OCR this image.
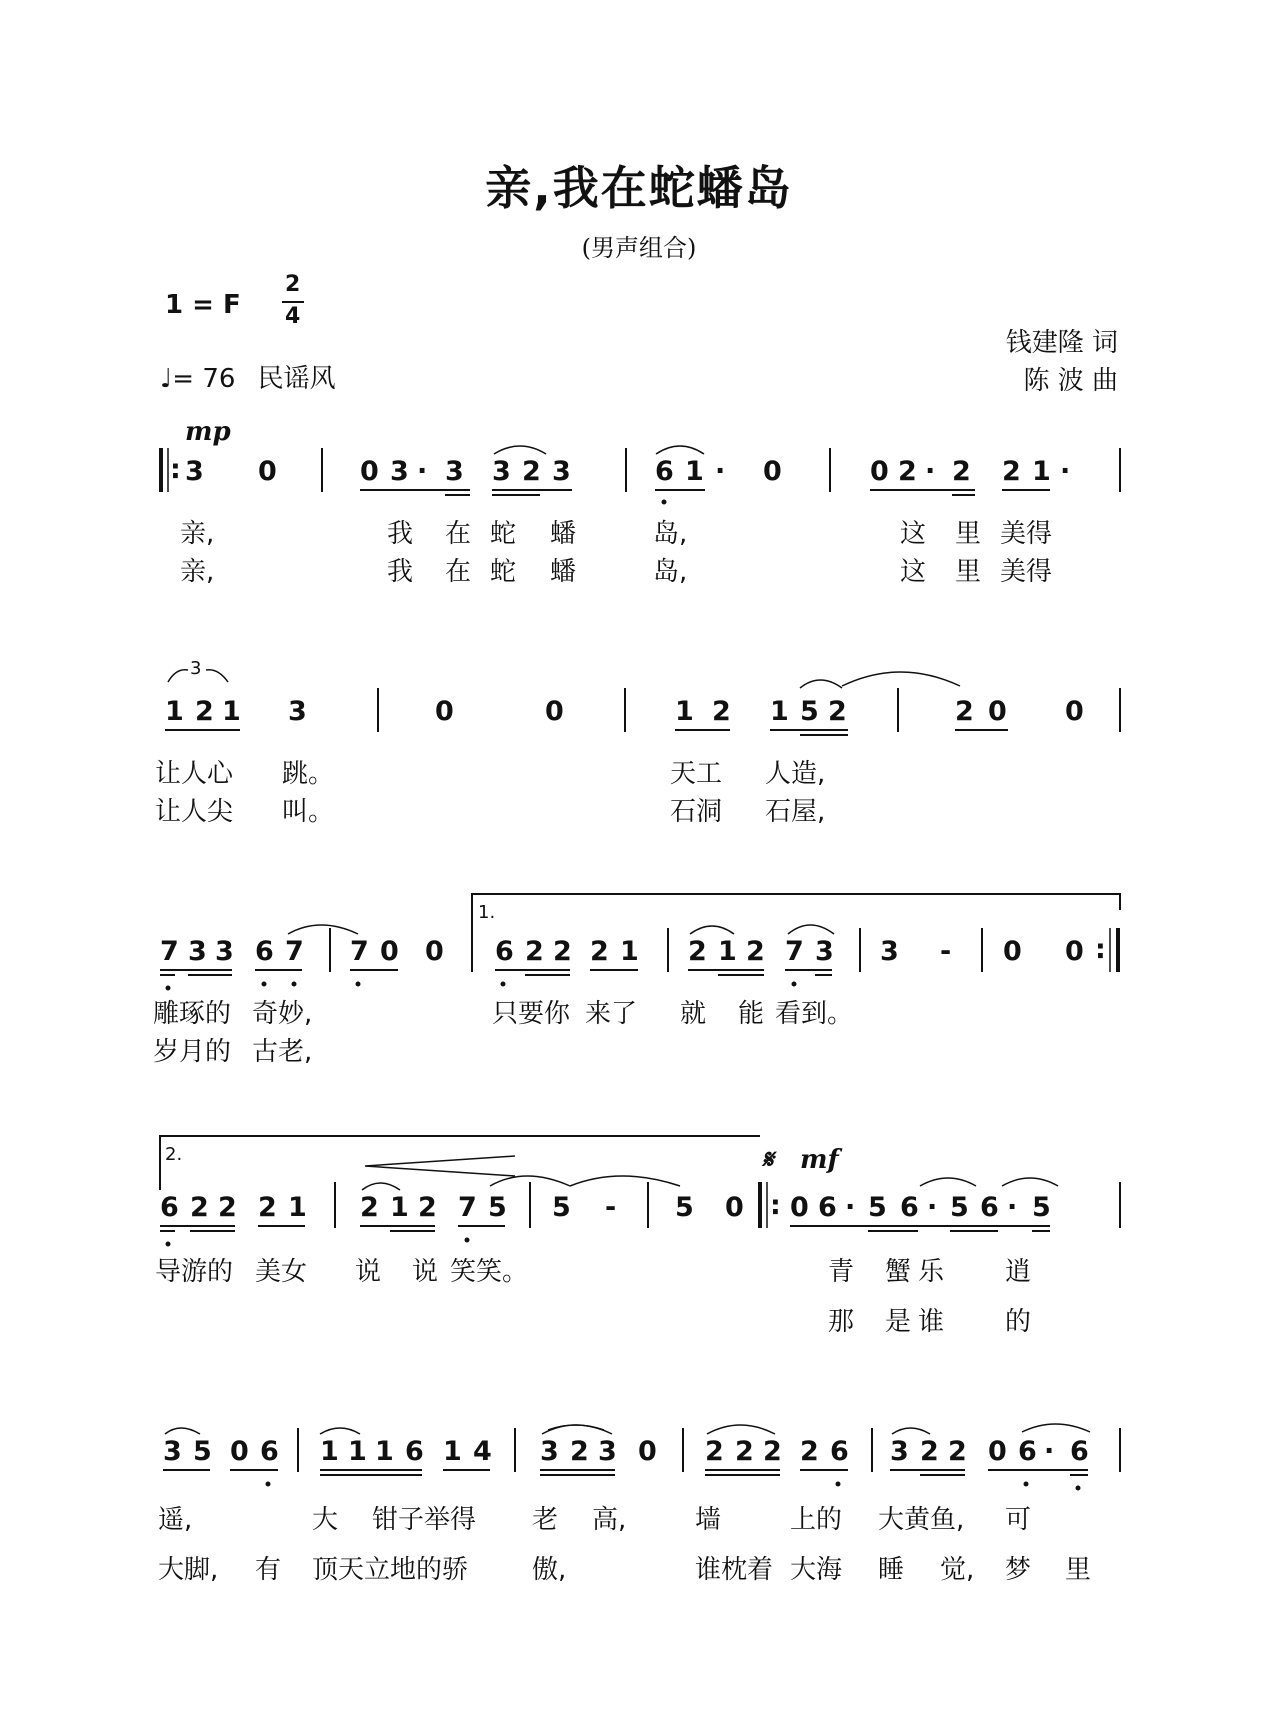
亲,我在蛇蟠岛
(男声组合)
1 = F
2
4
♩= 76 民谣风
钱建隆 词
陈 波 曲
mp
: 3 0	0 3 · 3 3 2 3	6 1 · 0	0 2 · 2 2 1 ·
亲,	我 在 蛇 蟠	岛,	这 里 美得
亲,	我 在 蛇 蟠	岛,	这 里 美得
3
1 2 1 3	0	0	1 2 1 5 2	2 0 0
让人心 跳。	天工 人造,
让人尖 叫。	石洞 石屋,
1.
7 3 3 6 7 7 0 0 6 2 2 2 1 2 1 2 7 3 3 - 0 0 :
雕琢的 奇妙,	只要你 来了 就 能 看到。
岁月的 古老,
2.	𝄋 mf
6 2 2 2 1 2 1 2 7 5 5 - 5 0 : 0 6 · 5 6 · 5 6 · 5
导游的 美女 说 说 笑笑。	青 蟹 乐 逍
那 是 谁 的
3 5 0 6 1 1 1 6 1 4 3 2 3 0 2 2 2 2 6 3 2 2 0 6 · 6
遥,	大 钳子举得 老 高,	墙	上的 大黄鱼, 可
大脚, 有 顶天立地的骄 傲,	谁枕着 大海 睡 觉, 梦 里
